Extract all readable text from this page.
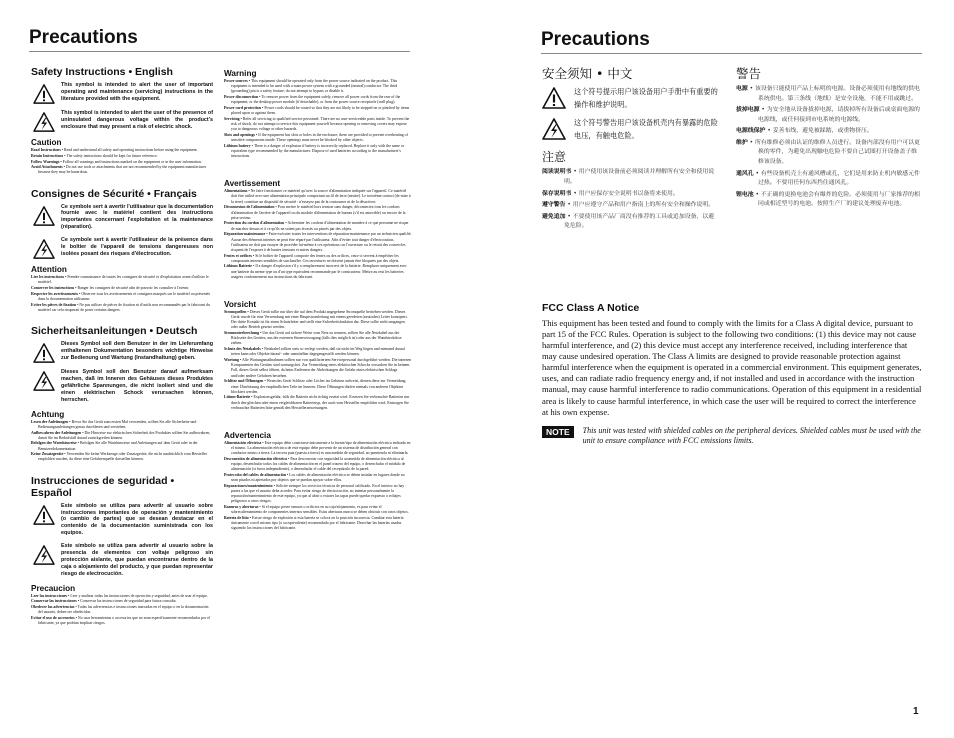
Precautions
Safety Instructions • English
This symbol is intended to alert the user of important operating and maintenance (servicing) instructions in the literature provided with the equipment.
This symbol is intended to alert the user of the presence of uninsulated dangerous voltage within the product's enclosure that may present a risk of electric shock.
Caution

Read Instructions • Read and understand all safety and operating instructions before using the equipment.

Retain Instructions • The safety instructions should be kept for future reference.

Follow Warnings • Follow all warnings and instructions marked on the equipment or in the user information.

Avoid Attachments • Do not use tools or attachments that are not recommended by the equipment manufacturer because they may be hazardous.

Consignes de Sécurité • Français
Ce symbole sert à avertir l'utilisateur que la documentation fournie avec le matériel contient des instructions importantes concernant l'exploitation et la maintenance (réparation).
Ce symbole sert à avertir l'utilisateur de la présence dans le boîtier de l'appareil de tensions dangereuses non isolées posant des risques d'électrocution.
Attention

Lire les instructions • Prendre connaissance de toutes les consignes de sécurité et d'exploitation avant d'utiliser le matériel.

Conserver les instructions • Ranger les consignes de sécurité afin de pouvoir les consulter à l'avenir.

Respecter les avertissements • Observer tous les avertissements et consignes marqués sur le matériel ou présentés dans la documentation utilisateur.

Eviter les pièces de fixation • Ne pas utiliser de pièces de fixation ni d'outils non recommandés par le fabricant du matériel car cela risquerait de poser certains dangers.

Sicherheitsanleitungen • Deutsch
Dieses Symbol soll dem Benutzer in der im Lieferumfang enthaltenen Dokumentation besonders wichtige Hinweise zur Bedienung und Wartung (Instandhaltung) geben.
Dieses Symbol soll den Benutzer darauf aufmerksam machen, daß im Inneren des Gehäuses dieses Produktes gefährliche Spannungen, die nicht isoliert sind und die einen elektrischen Schock verursachen können, herrschen.
Achtung

Lesen der Anleitungen • Bevor Sie das Gerät zum ersten Mal verwenden, sollten Sie alle Sicherheits-und Bedienungsanleitungen genau durchlesen und verstehen.

Aufbewahren der Anleitungen • Die Hinweise zur elektrischen Sicherheit des Produktes sollten Sie aufbewahren, damit Sie im Bedarfsfall darauf zurückgreifen können.

Befolgen der Warnhinweise • Befolgen Sie alle Warnhinweise und Anleitungen auf dem Gerät oder in der Benutzerdokumentation.

Keine Zusatzgeräte • Verwenden Sie keine Werkzeuge oder Zusatzgeräte, die nicht ausdrücklich vom Hersteller empfohlen wurden, da diese eine Gefahrenquelle darstellen können.

Instrucciones de seguridad • Español
Este símbolo se utiliza para advertir al usuario sobre instrucciones importantes de operación y mantenimiento (o cambio de partes) que se desean destacar en el contenido de la documentación suministrada con los equipos.
Este símbolo se utiliza para advertir al usuario sobre la presencia de elementos con voltaje peligroso sin protección aislante, que puedan encontrarse dentro de la caja o alojamiento del producto, y que puedan representar riesgo de electrocución.
Precaucion

Leer las instrucciones • Leer y analizar todas las instrucciones de operación y seguridad, antes de usar el equipo.

Conservar las instrucciones • Conservar las instrucciones de seguridad para futura consulta.

Obedecer las advertencias • Todas las advertencias e instrucciones marcadas en el equipo o en la documentación del usuario, deben ser obedecidas.

Evitar el uso de accesorios • No usar herramientas o accesorios que no sean específicamente recomendados por el fabricante, ya que podrían implicar riesgos.

Warning

Power sources • This equipment should be operated only from the power source indicated on the product. This equipment is intended to be used with a main power system with a grounded (neutral) conductor. The third (grounding) pin is a safety feature, do not attempt to bypass or disable it.

Power disconnection • To remove power from the equipment safely, remove all power cords from the rear of the equipment, or the desktop power module (if detachable), or from the power source receptacle (wall plug).

Power cord protection • Power cords should be routed so that they are not likely to be stepped on or pinched by items placed upon or against them.

Servicing • Refer all servicing to qualified service personnel. There are no user-serviceable parts inside. To prevent the risk of shock, do not attempt to service this equipment yourself because opening or removing covers may expose you to dangerous voltage or other hazards.

Slots and openings • If the equipment has slots or holes in the enclosure, these are provided to prevent overheating of sensitive components inside. These openings must never be blocked by other objects.

Lithium battery • There is a danger of explosion if battery is incorrectly replaced. Replace it only with the same or equivalent type recommended by the manufacturer. Dispose of used batteries according to the manufacturer's instructions.

Avertissement

Alimentations • Ne faire fonctionner ce matériel qu'avec la source d'alimentation indiquée sur l'appareil. Ce matériel doit être utilisé avec une alimentation principale comportant un fil de terre (neutre). Le troisième contact (de mise à la terre) constitue un dispositif de sécurité : n'essayez pas de la contourner ni de la désactiver.

Déconnexion de l'alimentation • Pour mettre le matériel hors tension sans danger, déconnectez tous les cordons d'alimentation de l'arrière de l'appareil ou du module d'alimentation de bureau (s'il est amovible) ou encore de la prise secteur.

Protection du cordon d'alimentation • Acheminer les cordons d'alimentation de manière à ce que personne ne risque de marcher dessus et à ce qu'ils ne soient pas écrasés ou pincés par des objets.

Réparation-maintenance • Faire exécuter toutes les interventions de réparation-maintenance par un technicien qualifié. Aucun des éléments internes ne peut être réparé par l'utilisateur. Afin d'éviter tout danger d'électrocution, l'utilisateur ne doit pas essayer de procéder lui-même à ces opérations car l'ouverture ou le retrait des couvercles risquent de l'exposer à de hautes tensions et autres dangers.

Fentes et orifices • Si le boîtier de l'appareil comporte des fentes ou des orifices, ceux-ci servent à empêcher les composants internes sensibles de surchauffer. Ces ouvertures ne doivent jamais être bloquées par des objets.

Lithium Batterie • Il a danger d'explosion s'il y a remplacement incorrect de la batterie. Remplacer uniquement avec une batterie du meme type ou d'un type equivalent recommande par le constructeur. Mettre au reut les batteries usagees conformement aux instructions du fabricant.

Vorsicht

Stromquellen • Dieses Gerät sollte nur über die auf dem Produkt angegebene Stromquelle betrieben werden. Dieses Gerät wurde für eine Verwendung mit einer Hauptstromleitung mit einem geerdeten (neutralen) Leiter konzipiert. Der dritte Kontakt ist für einen Schutzleiter und stellt eine Sicherheitsfunktion dar. Diese sollte nicht umgangen oder außer Betrieb gesetzt werden.

Stromunterbrechung • Um das Gerät auf sichere Weise vom Netz zu trennen, sollten Sie alle Netzkabel aus der Rückseite des Gerätes, aus der externen Stromversorgung (falls dies möglich ist) oder aus der Wandsteckdose ziehen.

Schutz des Netzkabels • Netzkabel sollten stets so verlegt werden, daß sie nicht im Weg liegen und niemand darauf treten kann oder Objekte darauf- oder unmittelbar dagegengestellt werden können.

Wartung • Alle Wartungsmaßnahmen sollten nur von qualifiziertem Servicepersonal durchgeführt werden. Die internen Komponenten des Gerätes sind wartungsfrei. Zur Vermeidung eines elektrischen Schocks versuchen Sie in keinem Fall, dieses Gerät selbst öffnen, da beim Entfernen der Abdeckungen die Gefahr eines elektrischen Schlags und/oder andere Gefahren bestehen.

Schlitze und Öffnungen • Wenn das Gerät Schlitze oder Löcher im Gehäuse aufweist, dienen diese zur Vermeidung einer Überhitzung der empfindlichen Teile im Inneren. Diese Öffnungen dürfen niemals von anderen Objekten blockiert werden.

Litium-Batterie • Explosionsgefahr, falls die Batterie nicht richtig ersetzt wird. Ersetzen Sie verbrauchte Batterien nur durch den gleichen oder einen vergleichbaren Batterietyp, der auch vom Hersteller empfohlen wird. Entsorgen Sie verbrauchte Batterien bitte gemäß den Herstelleranweisungen.

Advertencia

Alimentación eléctrica • Este equipo debe conectarse únicamente a la fuente/tipo de alimentación eléctrica indicada en el mismo. La alimentación eléctrica de este equipo debe provenir de un sistema de distribución general con conductor neutro a tierra. La tercera pata (puesta a tierra) es una medida de seguridad, no puentearla ni eliminarla.

Desconexión de alimentación eléctrica • Para desconectar con seguridad la acometida de alimentación eléctrica al equipo, desenchufar todos los cables de alimentación en el panel trasero del equipo, o desenchufar el módulo de alimentación (si fuera independiente), o desenchufar el cable del receptáculo de la pared.

Protección del cables de alimentación • Los cables de alimentación eléctrica se deben instalar en lugares donde no sean pisados ni apretados por objetos que se puedan apoyar sobre ellos.

Reparaciones/mantenimiento • Solicite siempre los servicios técnicos de personal calificado. En el interior no hay partes a las que el usuario deba acceder. Para evitar riesgo de electrocución, no intentar personalmente la reparación/mantenimiento de este equipo, ya que al abrir o extraer las tapas puede quedar expuesto a voltajes peligrosos u otros riesgos.

Ranuras y aberturas • Si el equipo posee ranuras o orificios en su caja/alojamiento, es para evitar el sobrecalientamiento de componentes internos sensibles. Estas aberturas nunca se deben obstruir con otros objetos.

Batería de litio • Existe riesgo de explosión si esta batería se coloca en la posición incorrecta. Cambiar esta batería únicamente con el mismo tipo (o su equivalente) recomendado por el fabricante. Desechar las baterías usadas siguiendo las instrucciones del fabricante.

Precautions
安全须知 • 中文
这个符号提示用户该设备用户手册中有重要的操作和维护说明。
这个符号警告用户该设备机壳内有暴露的危险电压，有触电危险。
注意

阅读说明书 • 用户使用该设备前必须阅读并理解所有安全和使用说明。

保存说明书 • 用户应保存安全说明书以备将来使用。

遵守警告 • 用户应遵守产品和用户指南上的所有安全和操作说明。

避免追加 • 不要使用该产品厂商没有推荐的工具或追加设备，以避免危险。

警告

电源 • 该设备只能使用产品上标明的电源。设备必须使用有地线的供电系统供电。第三条线（地线）是安全设施，不能不用或跳过。

拔掉电源 • 为安全地从设备拔掉电源，请拔掉所有设备后或桌面电源的电源线，或任何接到市电系统的电源线。

电源线保护 • 妥善布线，避免被踩踏，或重物挤压。

维护 • 所有维修必须由认证的维修人员进行。设备内部没有用户可以更换的零件，为避免出现触电危险不要自己试图打开设备盖子维修该设备。

通风孔 • 有些设备机壳上有通风槽或孔，它们是用来防止机内敏感元件过热。不要用任何东西挡住通风孔。

锂电池 • 不正确的更换电池会有爆炸的危险。必须使用与厂家推荐的相同或相近型号的电池。按照生产厂的建议处理废弃电池。

FCC Class A Notice
This equipment has been tested and found to comply with the limits for a Class A digital device, pursuant to part 15 of the FCC Rules. Operation is subject to the following two conditions: (1) this device may not cause harmful interference, and (2) this device must accept any interference received, including interference that may cause undesired operation. The Class A limits are designed to provide reasonable protection against harmful interference when the equipment is operated in a commercial environment. This equipment generates, uses, and can radiate radio frequency energy and, if not installed and used in accordance with the instruction manual, may cause harmful interference to radio communications. Operation of this equipment in a residential area is likely to cause harmful interference, in which case the user will be required to correct the interference at his own expense.
NOTE	This unit was tested with shielded cables on the peripheral devices. Shielded cables must be used with the unit to ensure compliance with FCC emissions limits.
1
